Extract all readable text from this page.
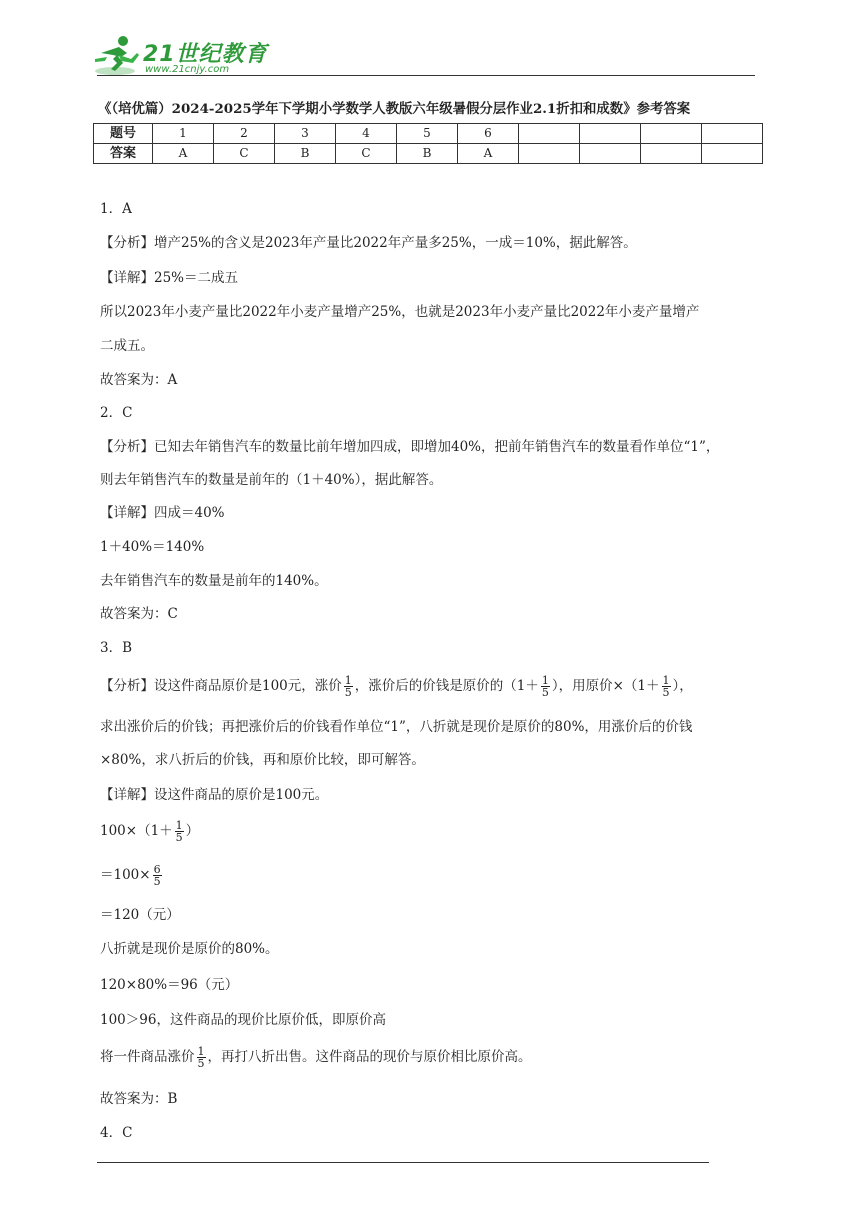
21世纪教育
www.21cnjy.com
《（培优篇）2024-2025学年下学期小学数学人教版六年级暑假分层作业2.1折扣和成数》参考答案
题号	1	2	3	4	5	6				
答案	A	C	B	C	B	A				
1．A
【分析】增产25%的含义是2023年产量比2022年产量多25%，一成＝10%，据此解答。
【详解】25%＝二成五
所以2023年小麦产量比2022年小麦产量增产25%，也就是2023年小麦产量比2022年小麦产量增产
二成五。
故答案为：A
2．C
【分析】已知去年销售汽车的数量比前年增加四成，即增加40%，把前年销售汽车的数量看作单位“1”，
则去年销售汽车的数量是前年的（1＋40%），据此解答。
【详解】四成＝40%
1＋40%＝140%
去年销售汽车的数量是前年的140%。
故答案为：C
3．B
【分析】设这件商品原价是100元，涨价 $\frac{1}{5}$ ，涨价后的价钱是原价的（$1+ \frac{1}{5}$ ），用原价$\times(1+ \frac{1}{5}$ ），
求出涨价后的价钱；再把涨价后的价钱看作单位“1”，八折就是现价是原价的80%，用涨价后的价钱
×80%，求八折后的价钱，再和原价比较，即可解答。
【详解】设这件商品的原价是100元。
$100\times(1+ \frac{1}{5}$ ）
$=100\times \frac{6}{5}$
＝120（元）
八折就是现价是原价的80%。
120×80%＝96（元）
100＞96，这件商品的现价比原价低，即原价高
将一件商品涨价 $\frac{1}{5}$ ，再打八折出售。这件商品的现价与原价相比原价高。
故答案为：B
4．C
